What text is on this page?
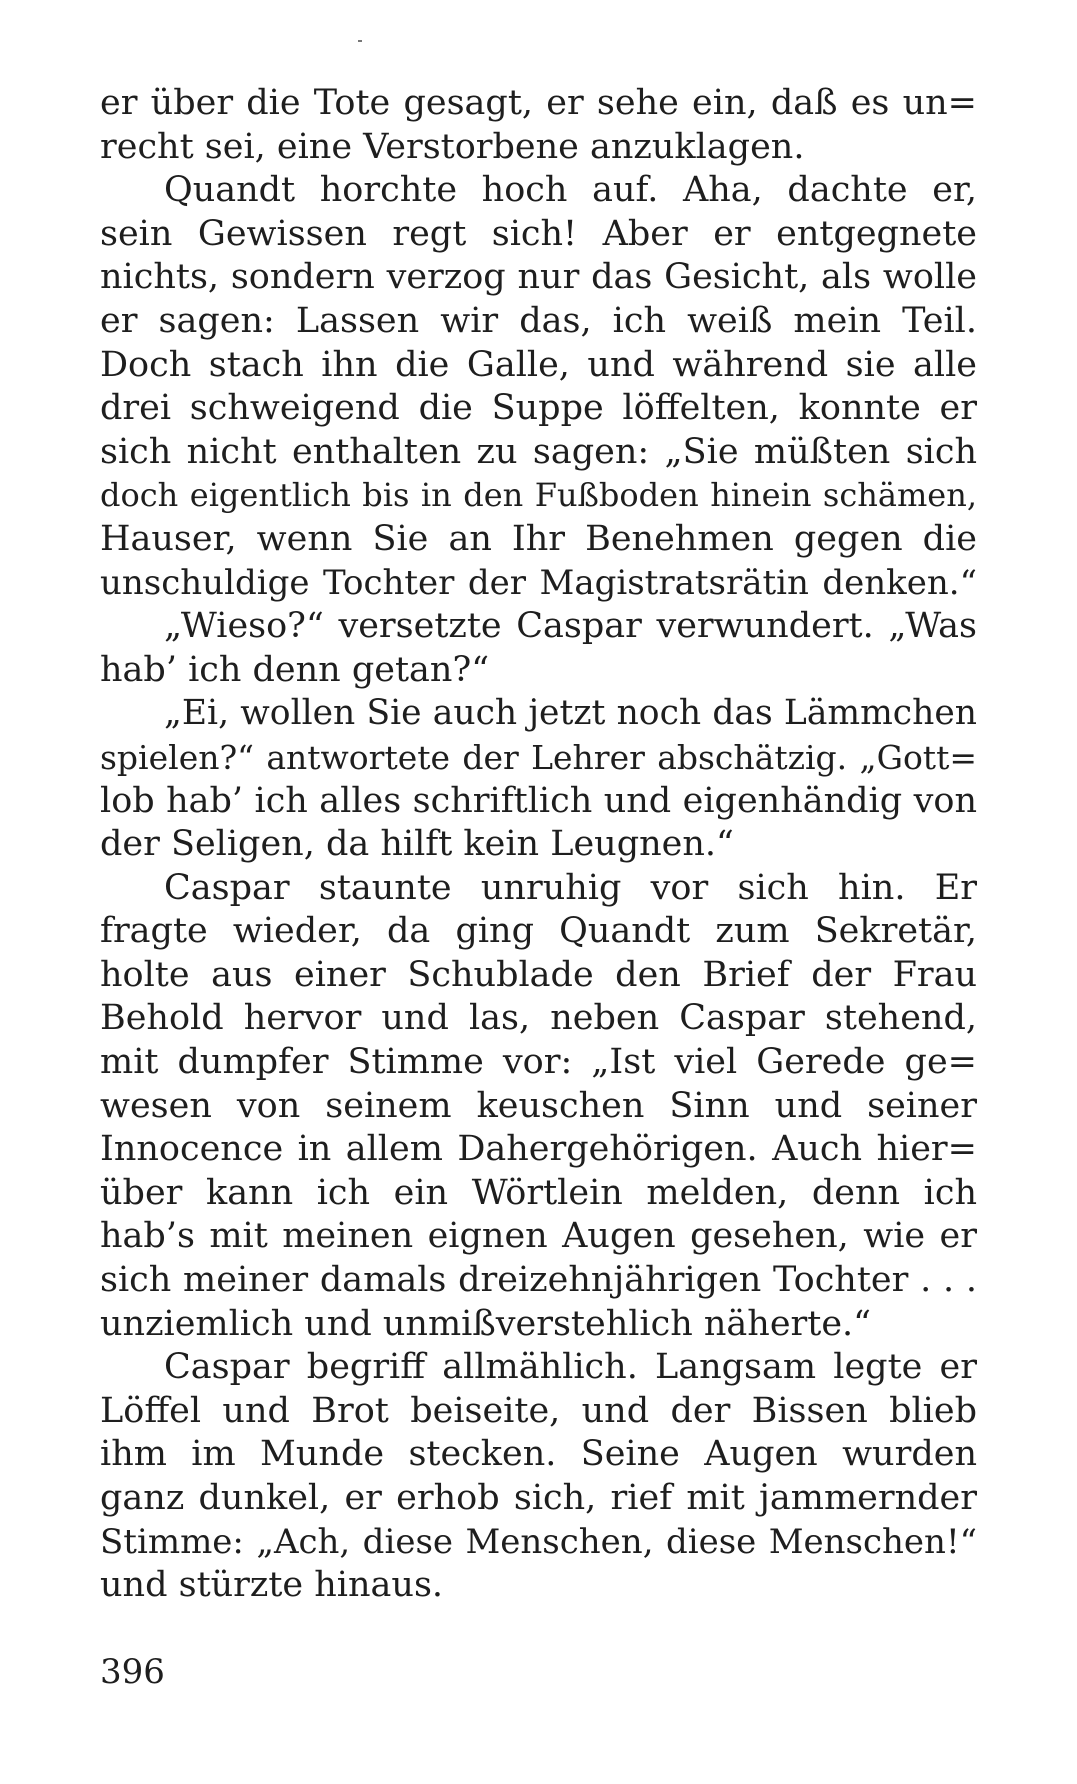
er über die Tote gesagt, er sehe ein, daß es un=
recht sei, eine Verstorbene anzuklagen.
Quandt horchte hoch auf. Aha, dachte er,
sein Gewissen regt sich! Aber er entgegnete
nichts, sondern verzog nur das Gesicht, als wolle
er sagen: Lassen wir das, ich weiß mein Teil.
Doch stach ihn die Galle, und während sie alle
drei schweigend die Suppe löffelten, konnte er
sich nicht enthalten zu sagen: „Sie müßten sich
doch eigentlich bis in den Fußboden hinein schämen,
Hauser, wenn Sie an Ihr Benehmen gegen die
unschuldige Tochter der Magistratsrätin denken.“
„Wieso?“ versetzte Caspar verwundert. „Was
hab’ ich denn getan?“
„Ei, wollen Sie auch jetzt noch das Lämmchen
spielen?“ antwortete der Lehrer abschätzig. „Gott=
lob hab’ ich alles schriftlich und eigenhändig von
der Seligen, da hilft kein Leugnen.“
Caspar staunte unruhig vor sich hin. Er
fragte wieder, da ging Quandt zum Sekretär,
holte aus einer Schublade den Brief der Frau
Behold hervor und las, neben Caspar stehend,
mit dumpfer Stimme vor: „Ist viel Gerede ge=
wesen von seinem keuschen Sinn und seiner
Innocence in allem Dahergehörigen. Auch hier=
über kann ich ein Wörtlein melden, denn ich
hab’s mit meinen eignen Augen gesehen, wie er
sich meiner damals dreizehnjährigen Tochter . . .
unziemlich und unmißverstehlich näherte.“
Caspar begriff allmählich. Langsam legte er
Löffel und Brot beiseite, und der Bissen blieb
ihm im Munde stecken. Seine Augen wurden
ganz dunkel, er erhob sich, rief mit jammernder
Stimme: „Ach, diese Menschen, diese Menschen!“
und stürzte hinaus.
396
